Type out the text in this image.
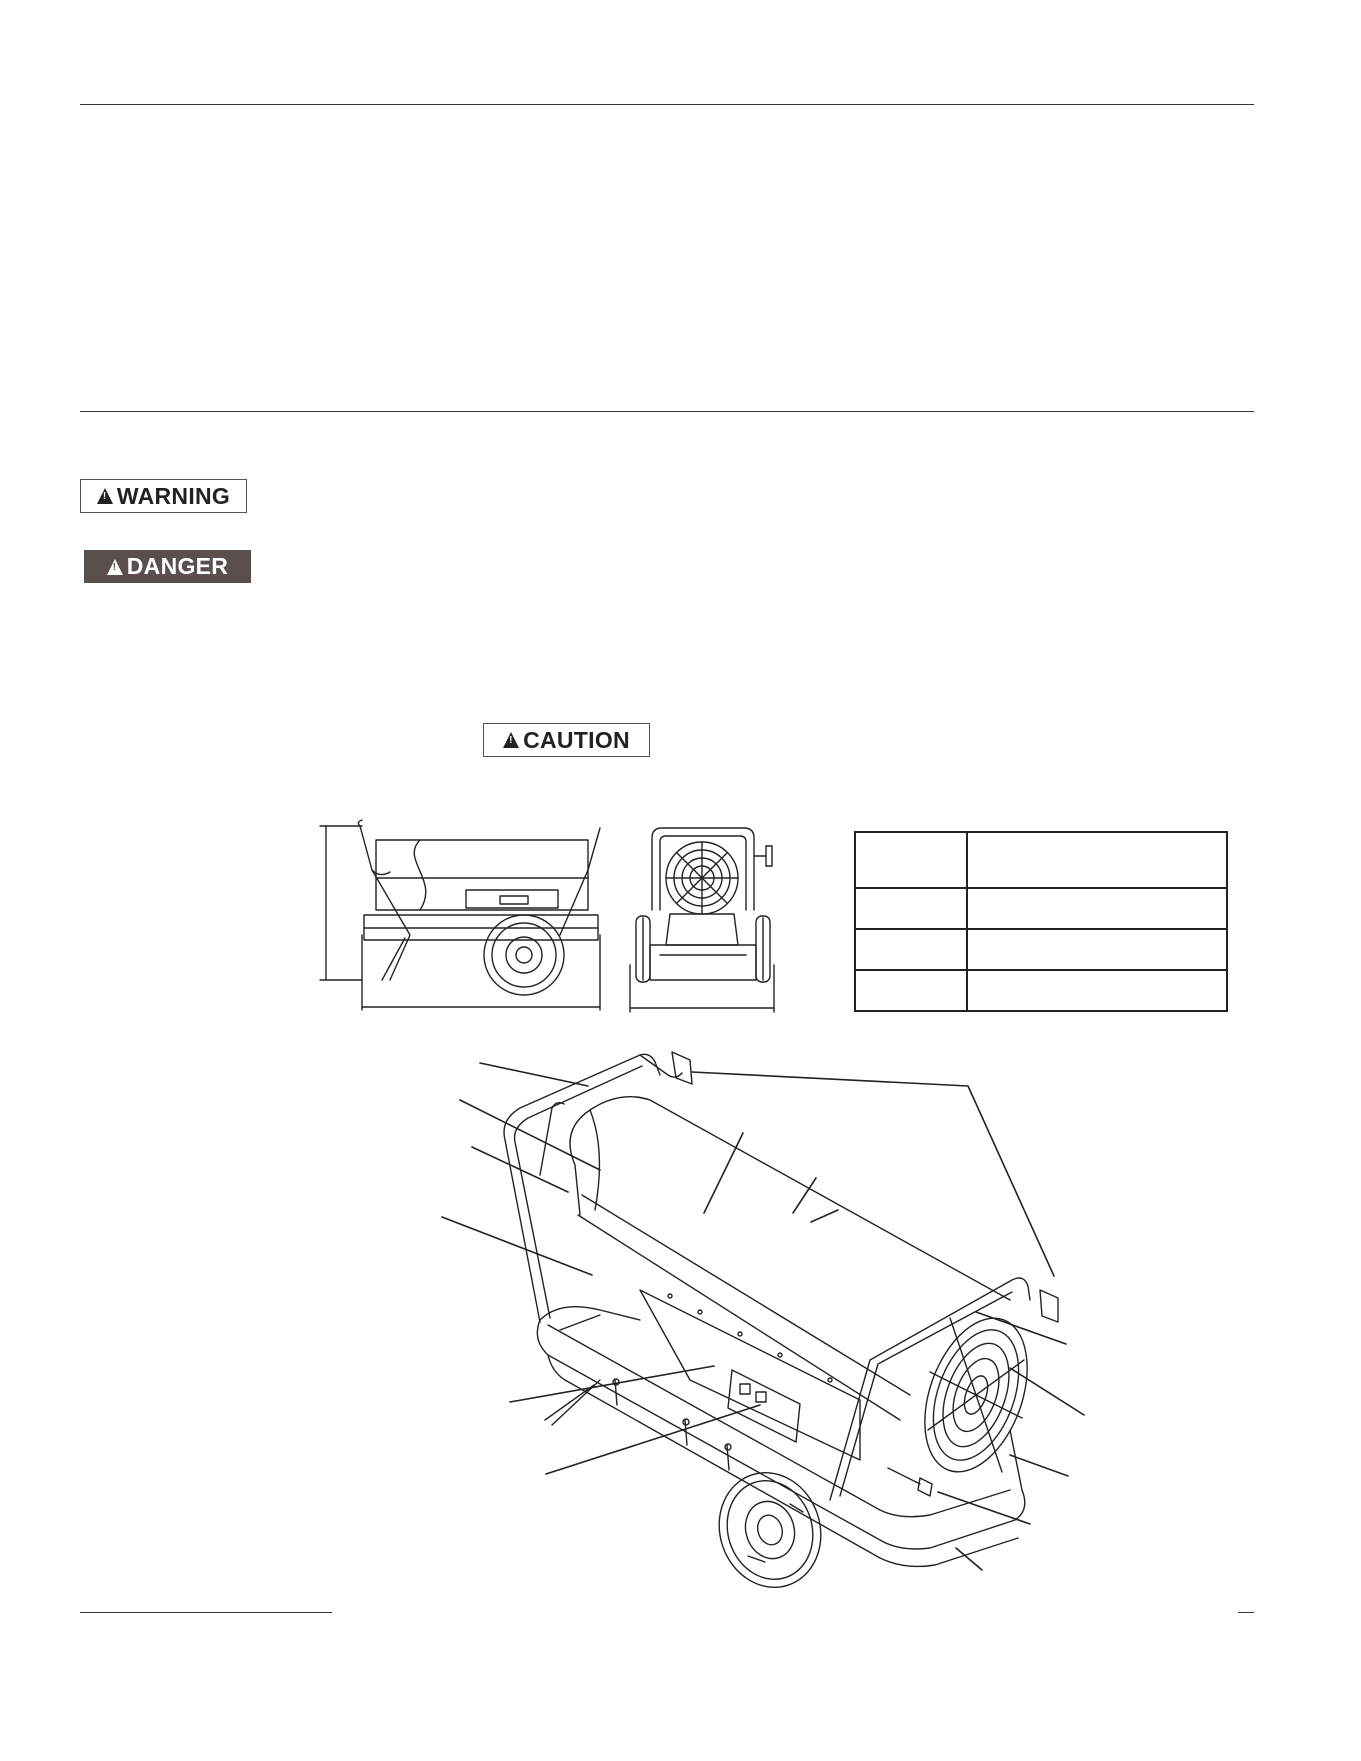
!
WARNING
!
DANGER
!
CAUTION
